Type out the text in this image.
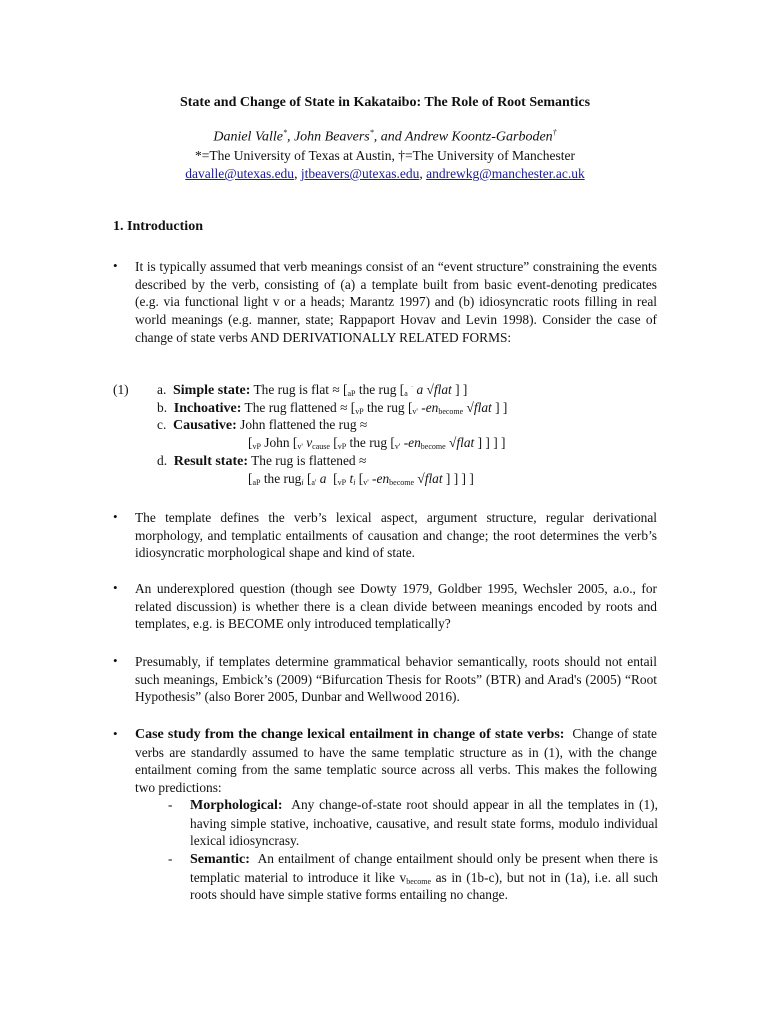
State and Change of State in Kakataibo: The Role of Root Semantics
Daniel Valle*, John Beavers*, and Andrew Koontz-Garboden†
*=The University of Texas at Austin, †=The University of Manchester
davalle@utexas.edu, jtbeavers@utexas.edu, andrewkg@manchester.ac.uk
1. Introduction
• It is typically assumed that verb meanings consist of an “event structure” constraining the events described by the verb, consisting of (a) a template built from basic event-denoting predicates (e.g. via functional light v or a heads; Marantz 1997) and (b) idiosyncratic roots filling in real world meanings (e.g. manner, state; Rappaport Hovav and Levin 1998). Consider the case of change of state verbs AND DERIVATIONALLY RELATED FORMS:
(1) a. Simple state: The rug is flat ≈ [$_{aP}$ the rug [$_a$ · a √flat ] ]
b. Inchoative: The rug flattened ≈ [$_{vP}$ the rug [$_{v'}$ $-en_{become}$ √flat ] ]
c. Causative: John flattened the rug ≈
[$_{vP}$ John [$_{v'}$ $v_{cause}$ [$_{vP}$ the rug [$_{v'}$ $-en_{become}$ √flat ] ] ] ]
d. Result state: The rug is flattened ≈
[$_{aP}$ the rug$_i$ [$_{a'}$ a  [$_{vP}$ $t_i$ [$_{v'}$ $-en_{become}$ √flat ] ] ] ]
• The template defines the verb’s lexical aspect, argument structure, regular derivational morphology, and templatic entailments of causation and change; the root determines the verb’s idiosyncratic morphological shape and kind of state.
• An underexplored question (though see Dowty 1979, Goldber 1995, Wechsler 2005, a.o., for related discussion) is whether there is a clean divide between meanings encoded by roots and templates, e.g. is BECOME only introduced templatically?
• Presumably, if templates determine grammatical behavior semantically, roots should not entail such meanings, Embick’s (2009) “Bifurcation Thesis for Roots” (BTR) and Arad's (2005) “Root Hypothesis” (also Borer 2005, Dunbar and Wellwood 2016).
• Case study from the change lexical entailment in change of state verbs: Change of state verbs are standardly assumed to have the same templatic structure as in (1), with the change entailment coming from the same templatic source across all verbs. This makes the following two predictions:
- Morphological: Any change-of-state root should appear in all the templates in (1), having simple stative, inchoative, causative, and result state forms, modulo individual lexical idiosyncrasy.
- Semantic: An entailment of change entailment should only be present when there is templatic material to introduce it like $v_{become}$ as in (1b-c), but not in (1a), i.e. all such roots should have simple stative forms entailing no change.
